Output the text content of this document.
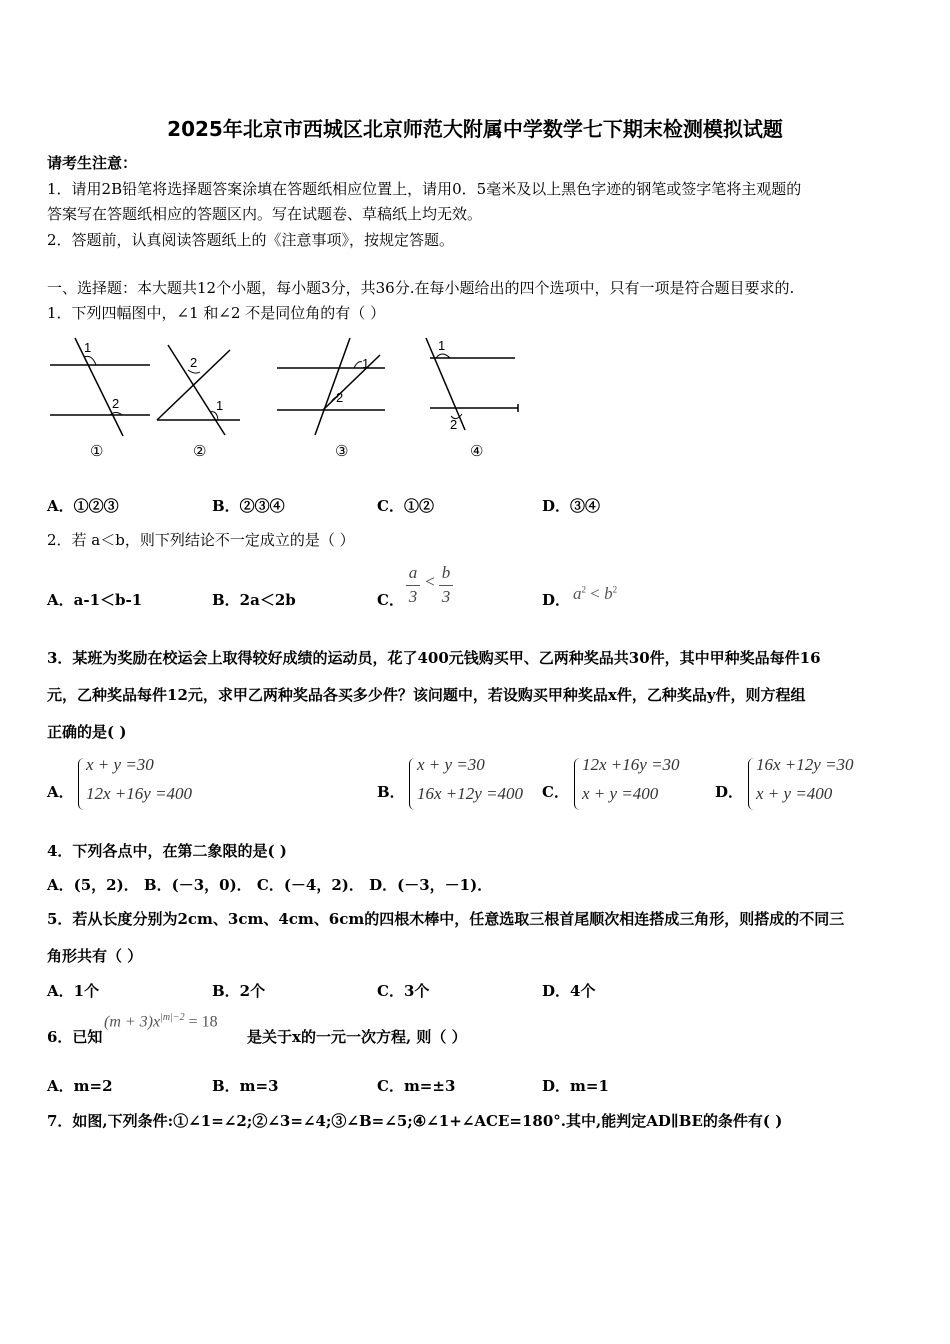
2025年北京市西城区北京师范大附属中学数学七下期末检测模拟试题
请考生注意：
1．请用2B铅笔将选择题答案涂填在答题纸相应位置上，请用0．5毫米及以上黑色字迹的钢笔或签字笔将主观题的
答案写在答题纸相应的答题区内。写在试题卷、草稿纸上均无效。
2．答题前，认真阅读答题纸上的《注意事项》，按规定答题。
一、选择题：本大题共12个小题，每小题3分，共36分.在每小题给出的四个选项中，只有一项是符合题目要求的.
1．下列四幅图中，∠1 和∠2 不是同位角的有（ ）
1
2
①
2
1
②
1
2
③
1
2
④
A．①②③	B．②③④	C．①②	D．③④
2．若 a＜b，则下列结论不一定成立的是（ ）
A．a-1＜b-1	B．2a＜2b	C．
a
3
< b
3	D． $a^2 < b^2$
3．某班为奖励在校运会上取得较好成绩的运动员，花了400元钱购买甲、乙两种奖品共30件，其中甲种奖品每件16
元，乙种奖品每件12元，求甲乙两种奖品各买多少件？该问题中，若设购买甲种奖品x件，乙种奖品y件，则方程组
正确的是( )
A．
x + y =30
12x +16y =400	B．
x + y =30
16x +12y =400 C．
12x +16y =30
x + y =400	D．
16x +12y =30
x + y =400
4．下列各点中，在第二象限的是( )
A．(5，2)． B．(－3，0)． C．(－4，2)． D．(－3，－1)．
5．若从长度分别为2cm、3cm、4cm、6cm的四根木棒中，任意选取三根首尾顺次相连搭成三角形，则搭成的不同三
角形共有（ ）
A．1个	B．2个	C．3个	D．4个
6．已知
$(m + 3)x^{|m|-2} = 18$
是关于x的一元一次方程, 则（ ）
A．m=2	B．m=3	C．m=±3	D．m=1
7．如图,下列条件:①∠1=∠2;②∠3=∠4;③∠B=∠5;④∠1+∠ACE=180°.其中,能判定AD∥BE的条件有( )
